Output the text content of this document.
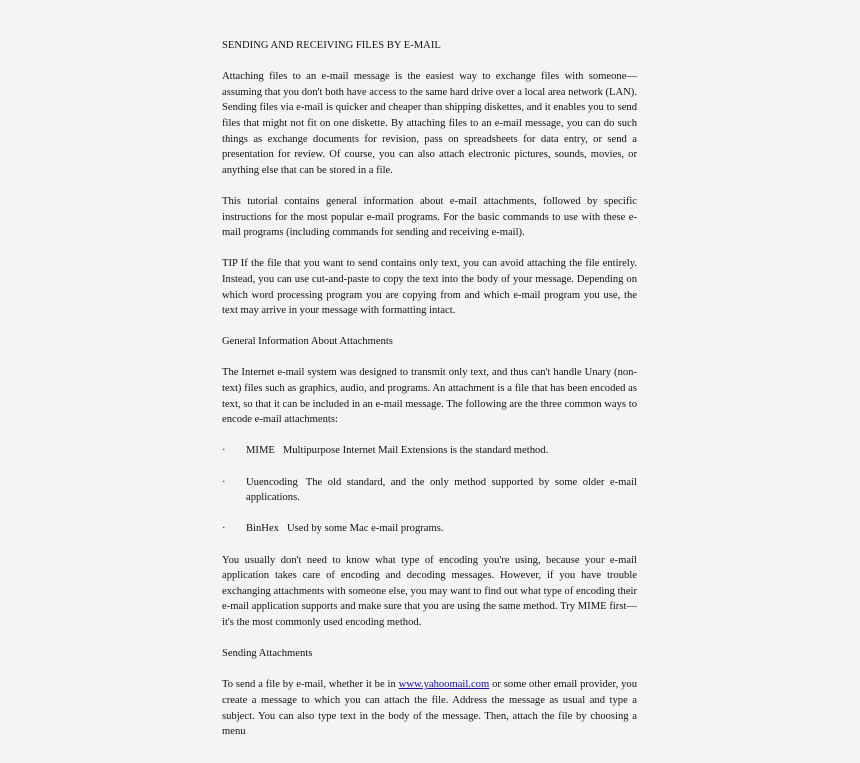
SENDING AND RECEIVING FILES BY E-MAIL

Attaching files to an e-mail message is the easiest way to exchange files with someone—assuming that you don't both have access to the same hard drive over a local area network (LAN). Sending files via e-mail is quicker and cheaper than shipping diskettes, and it enables you to send files that might not fit on one diskette. By attaching files to an e-mail message, you can do such things as exchange documents for revision, pass on spreadsheets for data entry, or send a presentation for review. Of course, you can also attach electronic pictures, sounds, movies, or anything else that can be stored in a file.

This tutorial contains general information about e-mail attachments, followed by specific instructions for the most popular e-mail programs. For the basic commands to use with these e-mail programs (including commands for sending and receiving e-mail).

TIP If the file that you want to send contains only text, you can avoid attaching the file entirely. Instead, you can use cut-and-paste to copy the text into the body of your message. Depending on which word processing program you are copying from and which e-mail program you use, the text may arrive in your message with formatting intact.

General Information About Attachments

The Internet e-mail system was designed to transmit only text, and thus can't handle Unary (non-text) files such as graphics, audio, and programs. An attachment is a file that has been encoded as text, so that it can be included in an e-mail message. The following are the three common ways to encode e-mail attachments:

·	MIME Multipurpose Internet Mail Extensions is the standard method.

·	Uuencoding The old standard, and the only method supported by some older e-mail applications.

·	BinHex Used by some Mac e-mail programs.

You usually don't need to know what type of encoding you're using, because your e-mail application takes care of encoding and decoding messages. However, if you have trouble exchanging attachments with someone else, you may want to find out what type of encoding their e-mail application supports and make sure that you are using the same method. Try MIME first—it's the most commonly used encoding method.

Sending Attachments

To send a file by e-mail, whether it be in www.yahoomail.com or some other email provider, you create a message to which you can attach the file. Address the message as usual and type a subject. You can also type text in the body of the message. Then, attach the file by choosing a menu
